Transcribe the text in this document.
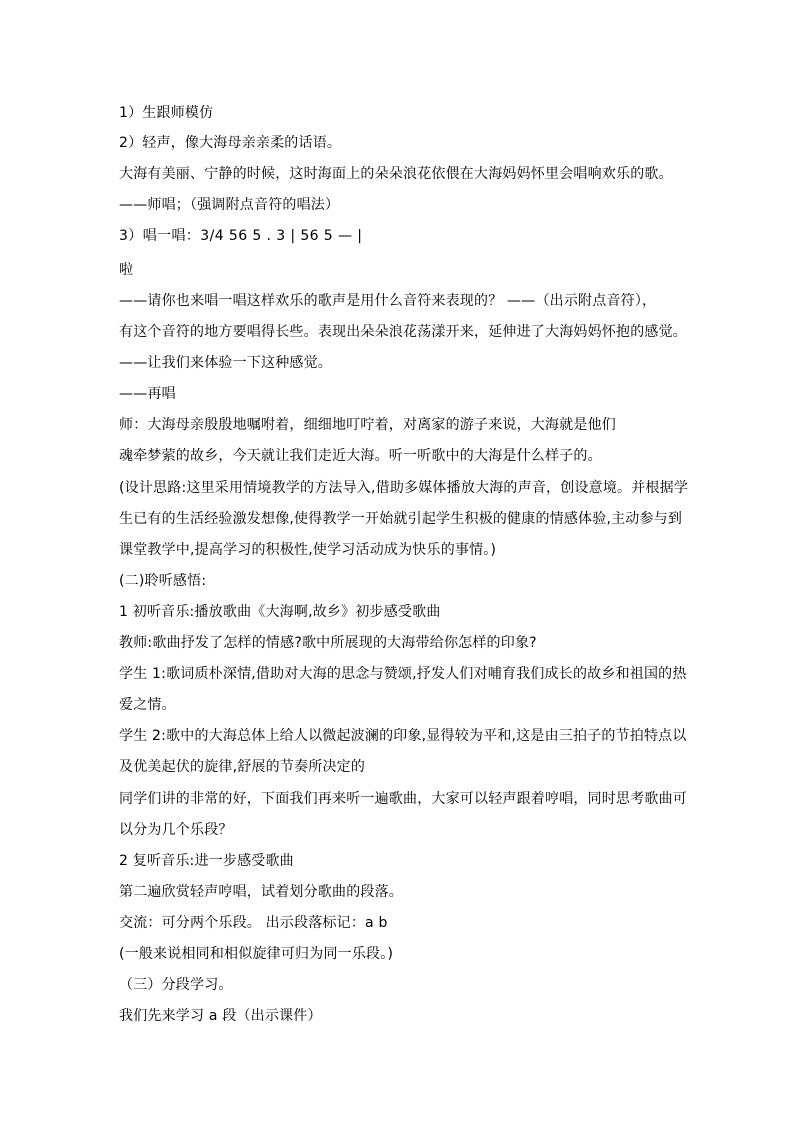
1）生跟师模仿
2）轻声，像大海母亲亲柔的话语。
大海有美丽、宁静的时候，这时海面上的朵朵浪花依偎在大海妈妈怀里会唱响欢乐的歌。
——师唱；（强调附点音符的唱法）
3）唱一唱：3/4 56 5 . 3 | 56 5 — |
啦
——请你也来唱一唱这样欢乐的歌声是用什么音符来表现的？ ——（出示附点音符），
有这个音符的地方要唱得长些。表现出朵朵浪花荡漾开来，延伸进了大海妈妈怀抱的感觉。
——让我们来体验一下这种感觉。
——再唱
师：大海母亲殷殷地嘱咐着，细细地叮咛着，对离家的游子来说，大海就是他们
魂牵梦萦的故乡，今天就让我们走近大海。听一听歌中的大海是什么样子的。
(设计思路:这里采用情境教学的方法导入,借助多媒体播放大海的声音，创设意境。并根据学
生已有的生活经验激发想像,使得教学一开始就引起学生积极的健康的情感体验,主动参与到
课堂教学中,提高学习的积极性,使学习活动成为快乐的事情。)
(二)聆听感悟:
1 初听音乐:播放歌曲《大海啊,故乡》初步感受歌曲
教师:歌曲抒发了怎样的情感?歌中所展现的大海带给你怎样的印象?
学生 1:歌词质朴深情,借助对大海的思念与赞颂,抒发人们对哺育我们成长的故乡和祖国的热
爱之情。
学生 2:歌中的大海总体上给人以微起波澜的印象,显得较为平和,这是由三拍子的节拍特点以
及优美起伏的旋律,舒展的节奏所决定的
同学们讲的非常的好，下面我们再来听一遍歌曲，大家可以轻声跟着哼唱，同时思考歌曲可
以分为几个乐段？
2 复听音乐:进一步感受歌曲
第二遍欣赏轻声哼唱，试着划分歌曲的段落。
交流：可分两个乐段。 出示段落标记：a b
(一般来说相同和相似旋律可归为同一乐段。)
（三）分段学习。
我们先来学习 a 段（出示课件）
